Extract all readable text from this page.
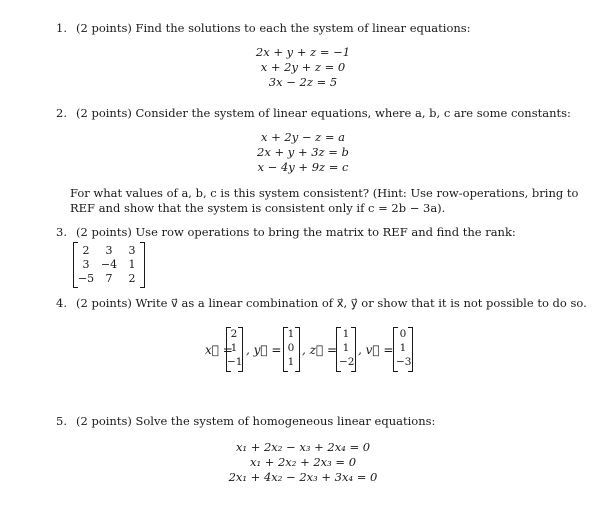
1. (2 points) Find the solutions to each the system of linear equations:
2x + y + z = −1
x + 2y + z = 0
3x − 2z = 5
2. (2 points) Consider the system of linear equations, where a, b, c are some constants:
x + 2y − z = a
2x + y + 3z = b
x − 4y + 9z = c
For what values of a, b, c is this system consistent? (Hint: Use row-operations, bring to
REF and show that the system is consistent only if c = 2b − 3a).
3. (2 points) Use row operations to bring the matrix to REF and find the rank:
2	3	3
3	−4	1
−5	7	2
4. (2 points) Write v⃗ as a linear combination of x⃗, y⃗ or show that it is not possible to do so.
x⃗ =
2
1
−1
, y⃗ =
1
0
1
, z⃗ =
1
1
−2
, v⃗ =
0
1
−3
5. (2 points) Solve the system of homogeneous linear equations:
x₁ + 2x₂ − x₃ + 2x₄ = 0
x₁ + 2x₂ + 2x₃ = 0
2x₁ + 4x₂ − 2x₃ + 3x₄ = 0
